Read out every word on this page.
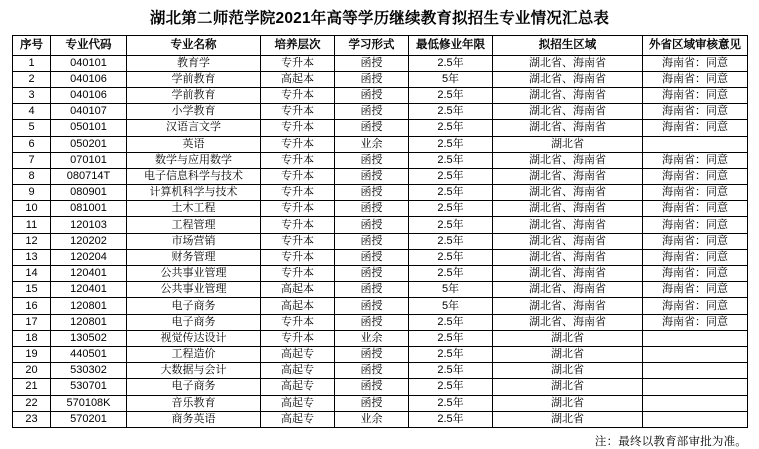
湖北第二师范学院2021年高等学历继续教育拟招生专业情况汇总表
序号	专业代码	专业名称	培养层次	学习形式	最低修业年限	拟招生区域	外省区域审核意见
1	040101	教育学	专升本	函授	2.5年	湖北省、海南省	海南省：同意
2	040106	学前教育	高起本	函授	5年	湖北省、海南省	海南省：同意
3	040106	学前教育	专升本	函授	2.5年	湖北省、海南省	海南省：同意
4	040107	小学教育	专升本	函授	2.5年	湖北省、海南省	海南省：同意
5	050101	汉语言文学	专升本	函授	2.5年	湖北省、海南省	海南省：同意
6	050201	英语	专升本	业余	2.5年	湖北省	
7	070101	数学与应用数学	专升本	函授	2.5年	湖北省、海南省	海南省：同意
8	080714T	电子信息科学与技术	专升本	函授	2.5年	湖北省、海南省	海南省：同意
9	080901	计算机科学与技术	专升本	函授	2.5年	湖北省、海南省	海南省：同意
10	081001	土木工程	专升本	函授	2.5年	湖北省、海南省	海南省：同意
11	120103	工程管理	专升本	函授	2.5年	湖北省、海南省	海南省：同意
12	120202	市场营销	专升本	函授	2.5年	湖北省、海南省	海南省：同意
13	120204	财务管理	专升本	函授	2.5年	湖北省、海南省	海南省：同意
14	120401	公共事业管理	专升本	函授	2.5年	湖北省、海南省	海南省：同意
15	120401	公共事业管理	高起本	函授	5年	湖北省、海南省	海南省：同意
16	120801	电子商务	高起本	函授	5年	湖北省、海南省	海南省：同意
17	120801	电子商务	专升本	函授	2.5年	湖北省、海南省	海南省：同意
18	130502	视觉传达设计	专升本	业余	2.5年	湖北省	
19	440501	工程造价	高起专	函授	2.5年	湖北省	
20	530302	大数据与会计	高起专	函授	2.5年	湖北省	
21	530701	电子商务	高起专	函授	2.5年	湖北省	
22	570108K	音乐教育	高起专	函授	2.5年	湖北省	
23	570201	商务英语	高起专	业余	2.5年	湖北省	
注：最终以教育部审批为准。
